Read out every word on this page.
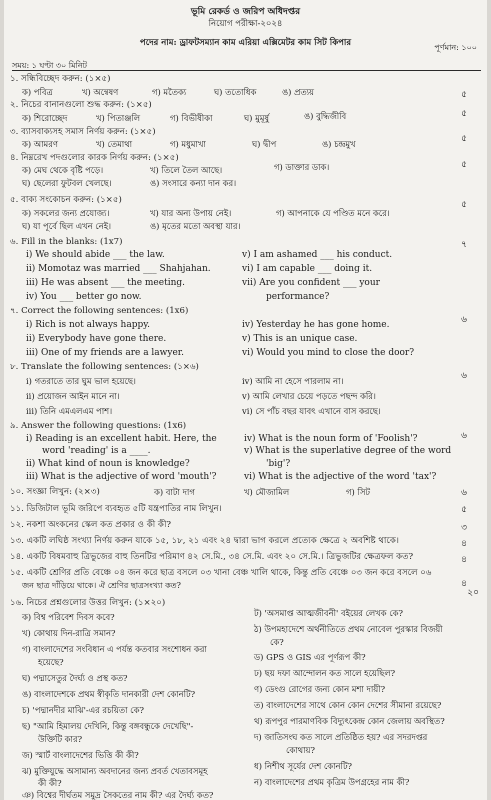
ভূমি রেকর্ড ও জরিপ অধিদপ্তর
নিয়োগ পরীক্ষা-২০২৪
পদের নাম: ড্রাফটসম্যান কাম এরিয়া এক্সিমেটর কাম সিট কিপার	পূর্ণমান: ১০০
সময়: ১ ঘণ্টা ৩০ মিনিট
১. সন্ধিবিচ্ছেদ করুন: (১×৫)
৫
ক) পবিত্র	খ) অন্বেষণ	গ) মতৈক্য	ঘ) ততোধিক	ঙ) প্রত্যয়
২. নিচের বানানগুলো শুদ্ধ করুন: (১×৫)
৫
ক) শিরোচ্ছেদ	খ) পিতাঞ্জলি	গ) বিভীষীকা	ঘ) মুমূর্ষু	ঙ) বুদ্ধিজীবি
৩. ব্যাসবাক্যসহ সমাস নির্ণয় করুন: (১×৫)
৫
ক) আমরণ	খ) তেমাথা	গ) মধুমাখা	ঘ) দ্বীপ	ঙ) চন্দ্রমুখ
৪. নিম্নরেখ পদগুলোর কারক নির্ণয় করুন: (১×৫)
৫
ক) মেঘ থেকে বৃষ্টি পড়ে।	খ) তিলে তৈল আছে।	গ) ডাক্তার ডাক।
ঘ) ছেলেরা ফুটবল খেলছে।	ঙ) সংসারে কন্যা দান কর।
৫. বাক্য সংকোচন করুন: (১×৫)	৫
ক) সকলের জন্য প্রযোজ্য।	খ) যার অন্য উপায় নেই।	গ) আপনাকে যে পণ্ডিত মনে করে।
ঘ) যা পূর্বে ছিল এখন নেই।	ঙ) মৃতের মতো অবস্থা যার।
৬. Fill in the blanks: (1x7)	৭
i) We should abide ___ the law.
ii) Momotaz was married ___ Shahjahan.
iii) He was absent ___ the meeting.
iv) You ___ better go now.
v) I am ashamed ___ his conduct.
vi) I am capable ___ doing it.
vii) Are you confident ___ your
performance?
৭. Correct the following sentences: (1x6)
৬
i) Rich is not always happy.
ii) Everybody have gone there.
iii) One of my friends are a lawyer.
iv) Yesterday he has gone home.
v) This is an unique case.
vi) Would you mind to close the door?
৮. Translate the following sentences: (১×৬)
৬
i) গতরাতে তার ঘুম ভাল হয়েছে।
ii) প্রয়োজন আইন মানে না।
iii) তিনি এমএলএম পাশ।
iv) আমি না হেসে পারলাম না।
v) আমি লেখার চেয়ে পড়তে পছন্দ করি।
vi) সে পাঁচ বছর যাবৎ এখানে বাস করছে।
৯. Answer the following questions: (1x6)
৬
i) Reading is an excellent habit. Here, the
word 'reading' is a ____.
ii) What kind of noun is knowledge?
iii) What is the adjective of word 'mouth'?
iv) What is the noun form of 'Foolish'?
v) What is the superlative degree of the word
'big'?
vi) What is the adjective of the word 'tax'?
১০. সংজ্ঞা লিখুন: (২×৩)	ক) বাটা দাগ	খ) মৌজামিল	গ) সিট	৬
১১. ডিজিটাল ভূমি জরিপে ব্যবহৃত ৫টি যন্ত্রপাতির নাম লিখুন।	৫
১২. নকশা অংকনের স্কেল কত প্রকার ও কী কী?	৩
১৩. একটি লঘিষ্ঠ সংখ্যা নির্ণয় করুন যাকে ১৫, ১৮, ২১ এবং ২৪ দ্বারা ভাগ করলে প্রত্যেক ক্ষেত্রে ২ অবশিষ্ট থাকে।	৪
১৪. একটি বিষমবাহু ত্রিভুজের বাহু তিনটির পরিমাণ ৪২ সে.মি., ৩৪ সে.মি. এবং ২০ সে.মি.। ত্রিভুজটির ক্ষেত্রফল কত?	৪
১৫. একটি শ্রেণির প্রতি বেঞ্চে ০৪ জন করে ছাত্র বসলে ০৩ খানা বেঞ্চ খালি থাকে, কিন্তু প্রতি বেঞ্চে ০৩ জন করে বসলে ০৬
জন ছাত্র দাঁড়িয়ে থাকে। ঐ শ্রেণির ছাত্রসংখ্যা কত?	৪
১৬. নিচের প্রশ্নগুলোর উত্তর লিখুন: (১×২০)
২০
ক) বিশ্ব পরিবেশ দিবস কবে?
খ) কোথায় দিন-রাত্রি সমান?
গ) বাংলাদেশের সংবিধান এ পর্যন্ত কতবার সংশোধন করা
হয়েছে?
ঘ) পদ্মাসেতুর দৈর্ঘ্য ও প্রস্থ কত?
ঙ) বাংলাদেশকে প্রথম স্বীকৃতি দানকারী দেশ কোনটি?
চ) 'পদ্মানদীর মাঝি'-এর রচয়িতা কে?
ছ) "আমি হিমালয় দেখিনি, কিন্তু বঙ্গবন্ধুকে দেখেছি"-
উক্তিটি কার?
জ) স্মার্ট বাংলাদেশের ভিত্তি কী কী?
ঝ) মুক্তিযুদ্ধে অসামান্য অবদানের জন্য প্রবর্ত খেতাবসমূহ
কী কী?
ঞ) বিশ্বের দীর্ঘতম সমুদ্র সৈকতের নাম কী? এর দৈর্ঘ্য কত?
ট) 'অসমাপ্ত আত্মজীবনী' বইয়ের লেখক কে?
ঠ) উপমহাদেশে অর্থনীতিতে প্রথম নোবেল পুরস্কার বিজয়ী
কে?
ড) GPS ও GIS এর পূর্ণরূপ কী?
ঢ) ছয় দফা আন্দোলন কত সালে হয়েছিল?
ণ) ডেংগু রোগের জন্য কোন মশা দায়ী?
ত) বাংলাদেশের সাথে কোন কোন দেশের সীমানা রয়েছে?
থ) রূপপুর পারমাণবিক বিদ্যুৎকেন্দ্র কোন জেলায় অবস্থিত?
দ) জাতিসংঘ কত সালে প্রতিষ্ঠিত হয়? এর সদরদপ্তর
কোথায়?
ধ) নিশীথ সূর্যের দেশ কোনটি?
ন) বাংলাদেশের প্রথম কৃত্রিম উপগ্রহের নাম কী?
